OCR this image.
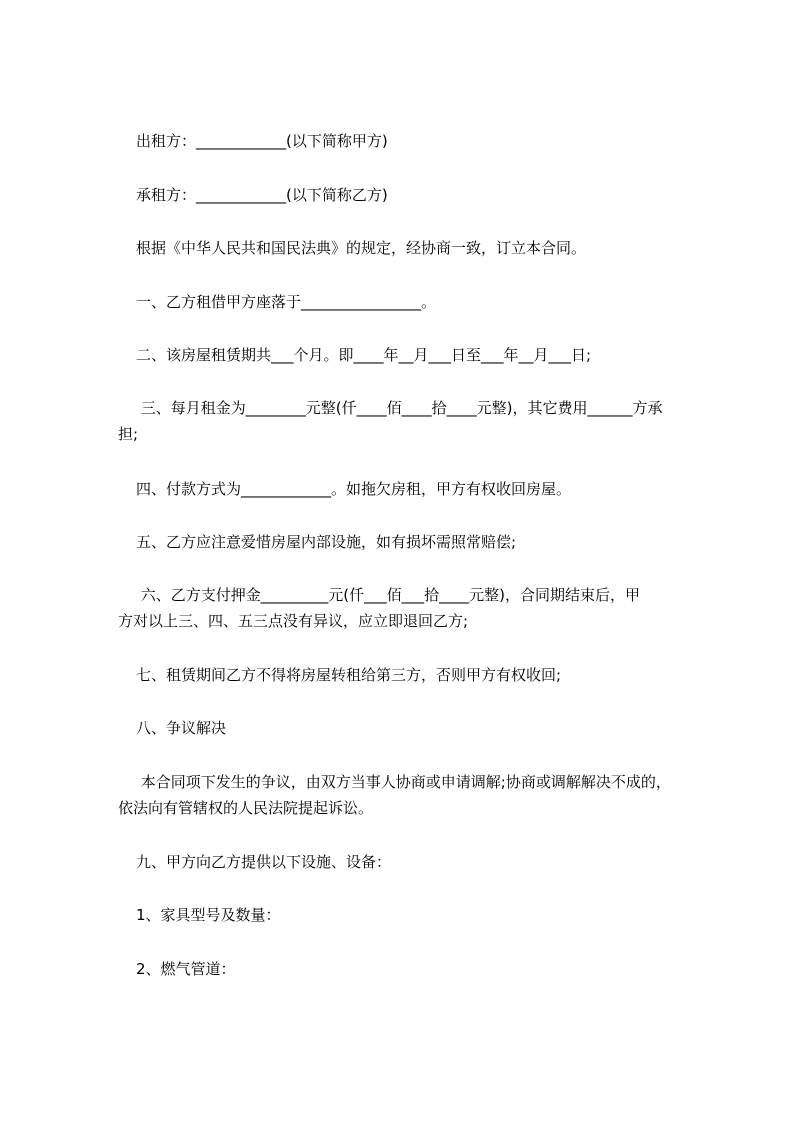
出租方：____________(以下简称甲方)
承租方：____________(以下简称乙方)
根据《中华人民共和国民法典》的规定，经协商一致，订立本合同。
一、乙方租借甲方座落于________________。
二、该房屋租赁期共___个月。即____年__月___日至___年__月___日;
三、每月租金为________元整(仟____佰____拾____元整)，其它费用______方承
担;
四、付款方式为____________。如拖欠房租，甲方有权收回房屋。
五、乙方应注意爱惜房屋内部设施，如有损坏需照常赔偿;
六、乙方支付押金_________元(仟___佰___拾____元整)，合同期结束后，甲
方对以上三、四、五三点没有异议，应立即退回乙方;
七、租赁期间乙方不得将房屋转租给第三方，否则甲方有权收回;
八、争议解决
本合同项下发生的争议，由双方当事人协商或申请调解;协商或调解解决不成的，
依法向有管辖权的人民法院提起诉讼。
九、甲方向乙方提供以下设施、设备：
1、家具型号及数量：
2、燃气管道：
